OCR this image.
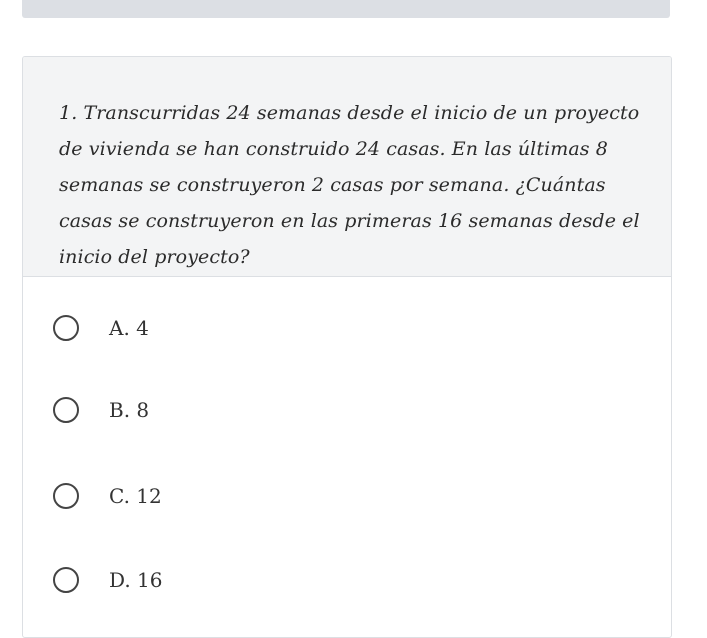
1. Transcurridas 24 semanas desde el inicio de un proyecto de vivienda se han construido 24 casas. En las últimas 8 semanas se construyeron 2 casas por semana. ¿Cuántas casas se construyeron en las primeras 16 semanas desde el inicio del proyecto?

A. 4
B. 8
C. 12
D. 16
